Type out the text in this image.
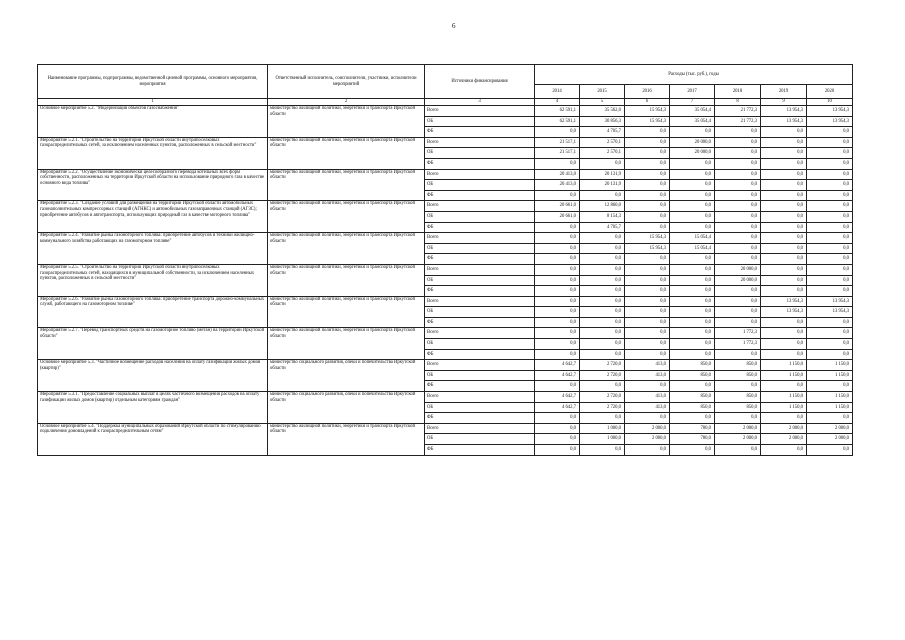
6
Наименование программы, подпрограммы, ведомственной целевой программы, основного мероприятия, мероприятия	Ответственный исполнитель, соисполнители, участники, исполнители мероприятий	Источники финансирования	Расходы (тыс. руб.), годы						
			2014	2015	2016	2017	2018	2019	2020
1	2	3	4	5	6	7	8	9	10
Основное мероприятие 5.2. "Модернизация объектов газоснабжения"	министерство жилищной политики, энергетики и транспорта Иркутской области	Всего	62 591,1	35 562,0	15 954,3	35 054,4	21 772,3	13 954,3	13 954,3
		ОБ	62 591,1	30 856,3	15 954,3	35 054,4	21 772,3	13 954,3	13 954,3
		ФБ	0,0	4 705,7	0,0	0,0	0,0	0,0	0,0
Мероприятие 5.2.1. "Строительство на территории Иркутской области внутрипоселковых газораспределительных сетей, за исключением населенных пунктов, расположенных в сельской местности"	министерство жилищной политики, энергетики и транспорта Иркутской области	Всего	21 517,1	2 570,1	0,0	20 000,0	0,0	0,0	0,0
		ОБ	21 517,1	2 570,1	0,0	20 000,0	0,0	0,0	0,0
		ФБ	0,0	0,0	0,0	0,0	0,0	0,0	0,0
Мероприятие 5.2.2. "Осуществление экономически целесообразного перевода котельных всех форм собственности, расположенных на территории Иркутской области на использование природного газа в качестве основного вида топлива"	министерство жилищной политики, энергетики и транспорта Иркутской области	Всего	20 413,0	20 131,9	0,0	0,0	0,0	0,0	0,0
		ОБ	20 413,0	20 131,9	0,0	0,0	0,0	0,0	0,0
		ФБ	0,0	0,0	0,0	0,0	0,0	0,0	0,0
Мероприятие 5.2.3. "Создание условий для размещения на территории Иркутской области автомобильных газонаполнительных компрессорных станций (АГНКС) и автомобильных газозаправочных станций (АГЗС); приобретение автобусов и автотранспорта, использующих природный газ в качестве моторного топлива"	министерство жилищной политики, энергетики и транспорта Иркутской области	Всего	20 661,0	12 860,0	0,0	0,0	0,0	0,0	0,0
		ОБ	20 661,0	8 154,3	0,0	0,0	0,0	0,0	0,0
		ФБ	0,0	4 705,7	0,0	0,0	0,0	0,0	0,0
Мероприятие 5.2.4. "Развитие рынка газомоторного топлива: приобретение автобусов и техники жилищно-коммунального хозяйства работающих на газомоторном топливе"	министерство жилищной политики, энергетики и транспорта Иркутской области	Всего	0,0	0,0	15 954,3	15 054,4	0,0	0,0	0,0
		ОБ	0,0	0,0	15 954,3	15 054,4	0,0	0,0	0,0
		ФБ	0,0	0,0	0,0	0,0	0,0	0,0	0,0
Мероприятие 5.2.5. "Строительство на территории Иркутской области внутрипоселковых газораспределительных сетей, находящихся в муниципальной собственности, за исключением населенных пунктов, расположенных в сельской местности"	министерство жилищной политики, энергетики и транспорта Иркутской области	Всего	0,0	0,0	0,0	0,0	20 000,0	0,0	0,0
		ОБ	0,0	0,0	0,0	0,0	20 000,0	0,0	0,0
		ФБ	0,0	0,0	0,0	0,0	0,0	0,0	0,0
Мероприятие 5.2.6. "Развитие рынка газомоторного топлива: приобретение транспорта дорожно-коммунальных служб, работающего на газомоторном топливе"	министерство жилищной политики, энергетики и транспорта Иркутской области	Всего	0,0	0,0	0,0	0,0	0,0	13 954,3	13 954,3
		ОБ	0,0	0,0	0,0	0,0	0,0	13 954,3	13 954,3
		ФБ	0,0	0,0	0,0	0,0	0,0	0,0	0,0
Мероприятие 5.2.7. "Перевод транспортных средств на газомоторное топливо (метан) на территории Иркутской области"	министерство жилищной политики, энергетики и транспорта Иркутской области	Всего	0,0	0,0	0,0	0,0	1 772,3	0,0	0,0
		ОБ	0,0	0,0	0,0	0,0	1 772,3	0,0	0,0
		ФБ	0,0	0,0	0,0	0,0	0,0	0,0	0,0
Основное мероприятие 5.3. "Частичное возмещение расходов населения на оплату газификации жилых домов (квартир)"	министерство социального развития, опеки и попечительства Иркутской области	Всего	4 642,7	2 720,0	413,0	850,0	850,0	1 150,0	1 150,0
		ОБ	4 642,7	2 720,0	413,0	850,0	850,0	1 150,0	1 150,0
		ФБ	0,0	0,0	0,0	0,0	0,0	0,0	0,0
Мероприятие 5.3.1. "Предоставление социальных выплат в целях частичного возмещения расходов на оплату газификации жилых домов (квартир) отдельным категориям граждан"	министерство социального развития, опеки и попечительства Иркутской области	Всего	4 642,7	2 720,0	413,0	850,0	850,0	1 150,0	1 150,0
		ОБ	4 642,7	2 720,0	413,0	850,0	850,0	1 150,0	1 150,0
		ФБ	0,0	0,0	0,0	0,0	0,0	0,0	0,0
Основное мероприятие 5.4. "Поддержка муниципальных образований Иркутской области по стимулированию подключения домовладений к газораспределительным сетям"	министерство жилищной политики, энергетики и транспорта Иркутской области	Всего	0,0	1 000,0	2 000,0	780,0	2 000,0	2 000,0	2 000,0
		ОБ	0,0	1 000,0	2 000,0	780,0	2 000,0	2 000,0	2 000,0
		ФБ	0,0	0,0	0,0	0,0	0,0	0,0	0,0
